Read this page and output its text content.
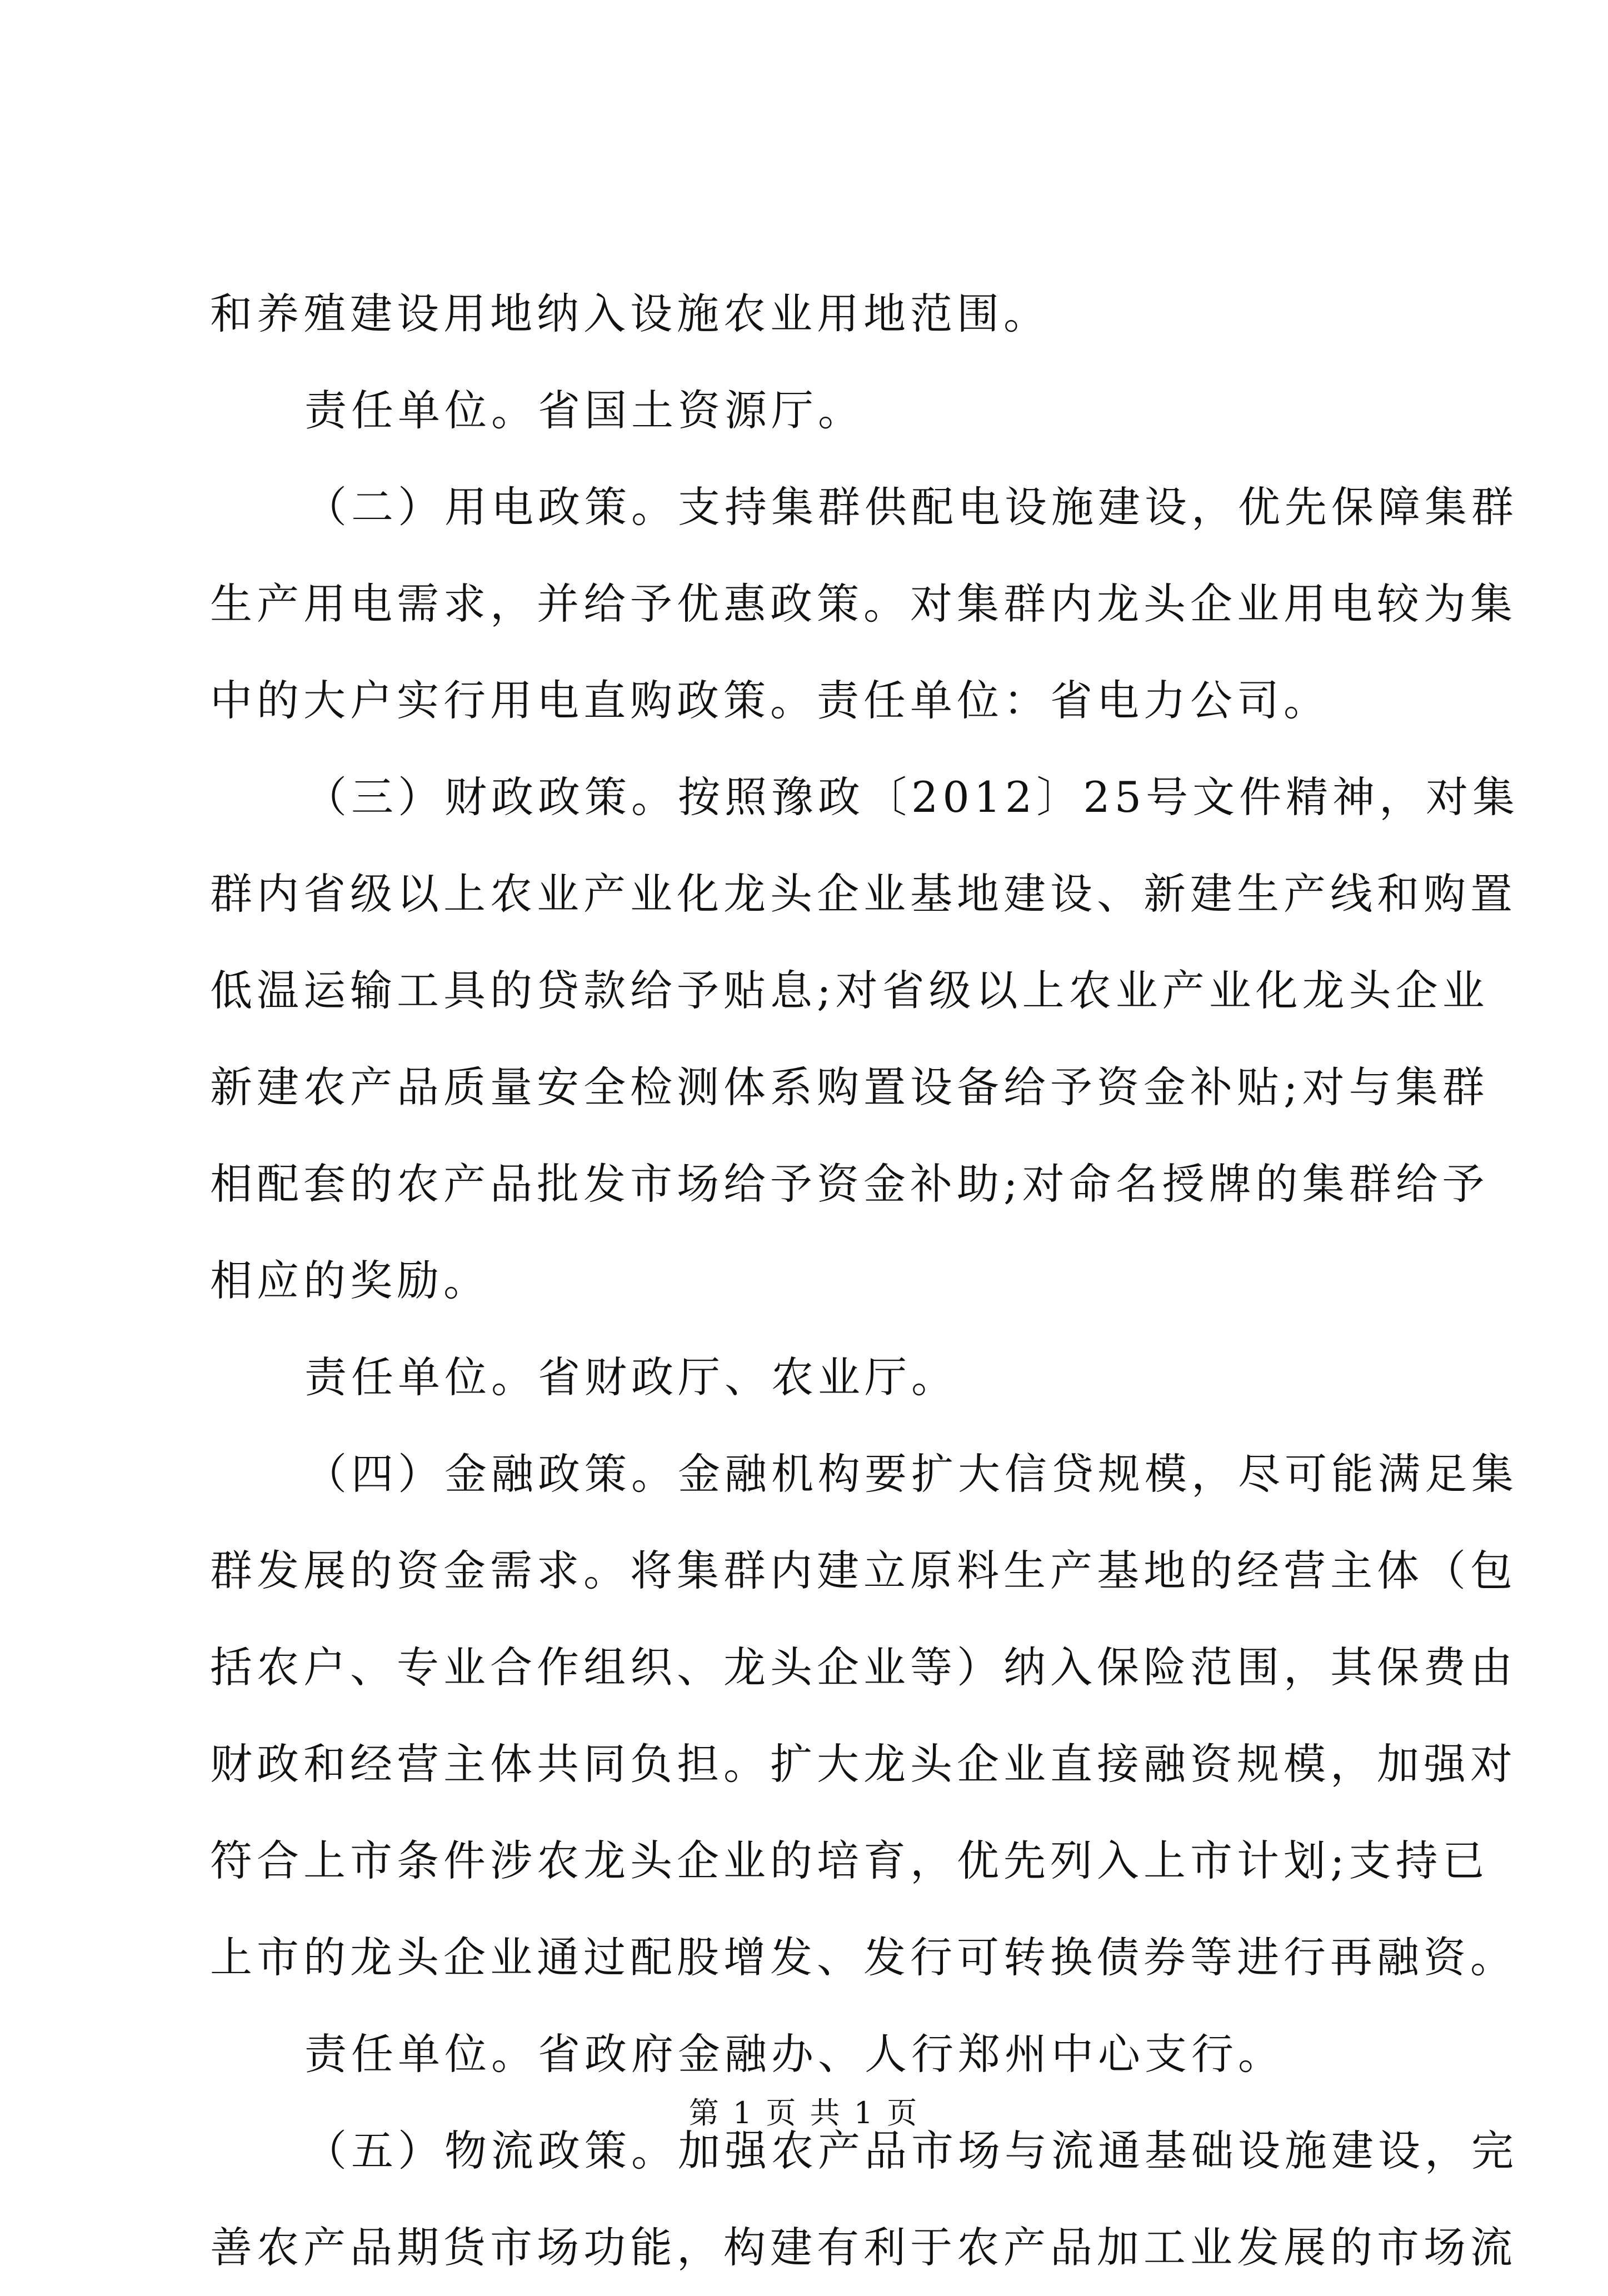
和养殖建设用地纳入设施农业用地范围。
责任单位。省国土资源厅。
（二）用电政策。支持集群供配电设施建设，优先保障集群
生产用电需求，并给予优惠政策。对集群内龙头企业用电较为集
中的大户实行用电直购政策。责任单位：省电力公司。
（三）财政政策。按照豫政〔2012〕25号文件精神，对集
群内省级以上农业产业化龙头企业基地建设、新建生产线和购置
低温运输工具的贷款给予贴息;对省级以上农业产业化龙头企业
新建农产品质量安全检测体系购置设备给予资金补贴;对与集群
相配套的农产品批发市场给予资金补助;对命名授牌的集群给予
相应的奖励。
责任单位。省财政厅、农业厅。
（四）金融政策。金融机构要扩大信贷规模，尽可能满足集
群发展的资金需求。将集群内建立原料生产基地的经营主体（包
括农户、专业合作组织、龙头企业等）纳入保险范围，其保费由
财政和经营主体共同负担。扩大龙头企业直接融资规模，加强对
符合上市条件涉农龙头企业的培育，优先列入上市计划;支持已
上市的龙头企业通过配股增发、发行可转换债券等进行再融资。
责任单位。省政府金融办、人行郑州中心支行。
（五）物流政策。加强农产品市场与流通基础设施建设，完
善农产品期货市场功能，构建有利于农产品加工业发展的市场流
第 1 页 共 1 页
